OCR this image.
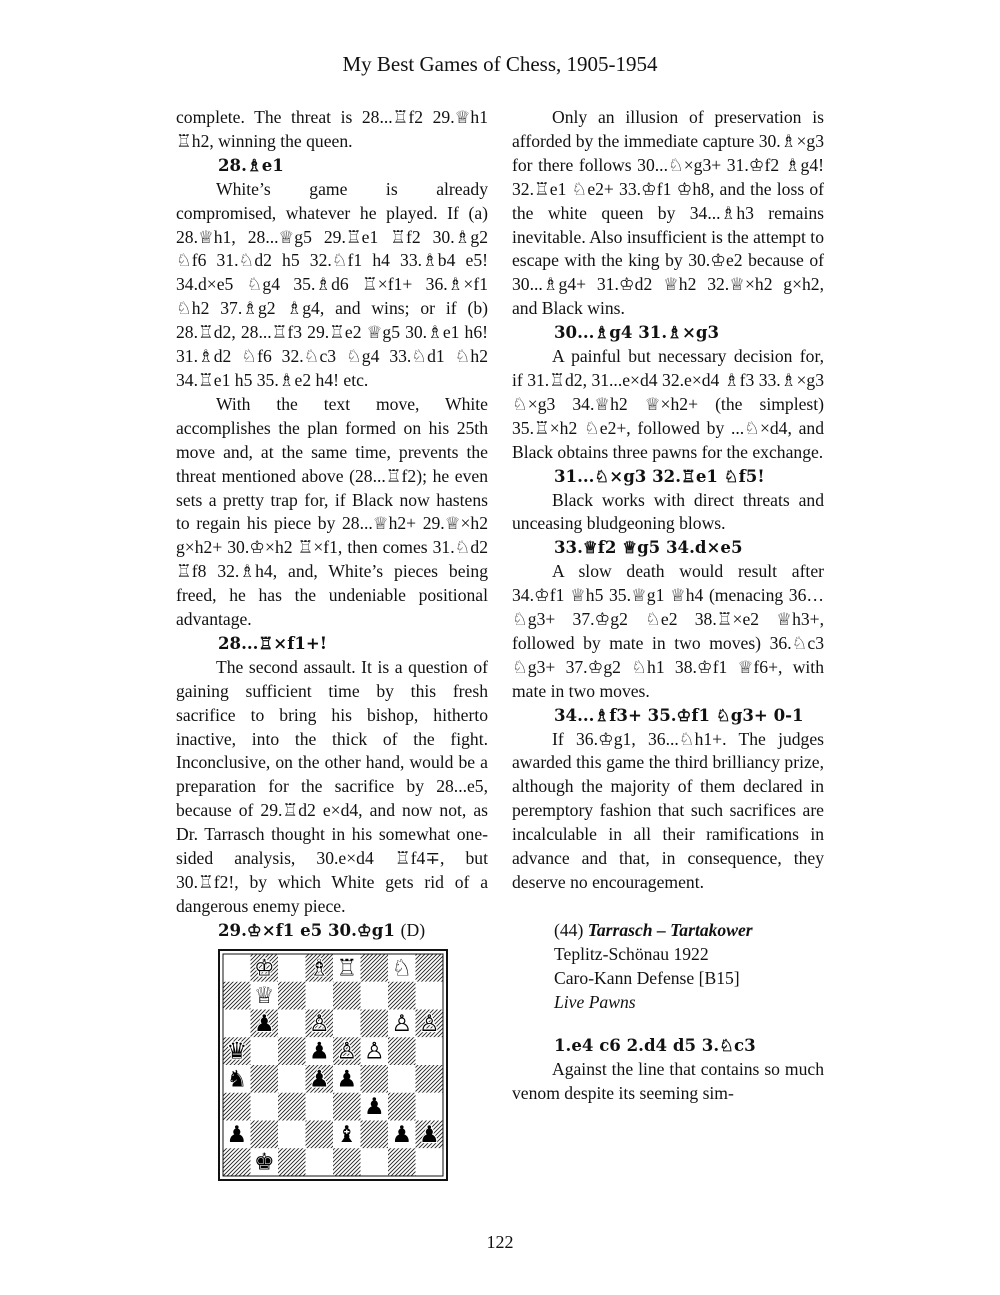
My Best Games of Chess, 1905-1954

complete. The threat is 28...♖f2 29.♕h1 ♖h2, winning the queen.

28.♗e1

White’s game is already compromised, whatever he played. If (a) 28.♕h1, 28...♕g5 29.♖e1 ♖f2 30.♗g2 ♘f6 31.♘d2 h5 32.♘f1 h4 33.♗b4 e5! 34.d×e5 ♘g4 35.♗d6 ♖×f1+ 36.♗×f1 ♘h2 37.♗g2 ♗g4, and wins; or if (b) 28.♖d2, 28...♖f3 29.♖e2 ♕g5 30.♗e1 h6! 31.♗d2 ♘f6 32.♘c3 ♘g4 33.♘d1 ♘h2 34.♖e1 h5 35.♗e2 h4! etc.

With the text move, White accomplishes the plan formed on his 25th move and, at the same time, prevents the threat mentioned above (28...♖f2); he even sets a pretty trap for, if Black now hastens to regain his piece by 28...♕h2+ 29.♕×h2 g×h2+ 30.♔×h2 ♖×f1, then comes 31.♘d2 ♖f8 32.♗h4, and, White’s pieces being freed, he has the undeniable positional advantage.

28...♖×f1+!

The second assault. It is a question of gaining sufficient time by this fresh sacrifice to bring his bishop, hitherto inactive, into the thick of the fight. Inconclusive, on the other hand, would be a preparation for the sacrifice by 28...e5, because of 29.♖d2 e×d4, and now not, as Dr. Tarrasch thought in his somewhat one-sided analysis, 30.e×d4 ♖f4∓, but 30.♖f2!, by which White gets rid of a dangerous enemy piece.

29.♔×f1 e5 30.♔g1 (D)

♔ ♗ ♖ ♘
♕
♟ ♙	♙ ♙
♛	♟ ♙ ♙
♞	♟ ♟
♟
♟	♝ ♟ ♟
♚

Only an illusion of preservation is afforded by the immediate capture 30.♗×g3 for there follows 30...♘×g3+ 31.♔f2 ♗g4! 32.♖e1 ♘e2+ 33.♔f1 ♔h8, and the loss of the white queen by 34...♗h3 remains inevitable. Also insufficient is the attempt to escape with the king by 30.♔e2 because of 30...♗g4+ 31.♔d2 ♕h2 32.♕×h2 g×h2, and Black wins.

30...♗g4 31.♗×g3

A painful but necessary decision for, if 31.♖d2, 31...e×d4 32.e×d4 ♗f3 33.♗×g3 ♘×g3 34.♕h2 ♕×h2+ (the simplest) 35.♖×h2 ♘e2+, followed by ...♘×d4, and Black obtains three pawns for the exchange.

31...♘×g3 32.♖e1 ♘f5!

Black works with direct threats and unceasing bludgeoning blows.

33.♕f2 ♕g5 34.d×e5

A slow death would result after 34.♔f1 ♕h5 35.♕g1 ♕h4 (menacing 36…♘g3+ 37.♔g2 ♘e2 38.♖×e2 ♕h3+, followed by mate in two moves) 36.♘c3 ♘g3+ 37.♔g2 ♘h1 38.♔f1 ♕f6+, with mate in two moves.

34...♗f3+ 35.♔f1 ♘g3+ 0-1

If 36.♔g1, 36...♘h1+. The judges awarded this game the third brilliancy prize, although the majority of them declared in peremptory fashion that such sacrifices are incalculable in all their ramifications in advance and that, in consequence, they deserve no encouragement.

(44) Tarrasch – Tartakower
Teplitz-Schönau 1922
Caro-Kann Defense [B15]
Live Pawns

1.e4 c6 2.d4 d5 3.♘c3

Against the line that contains so much venom despite its seeming sim-

122
